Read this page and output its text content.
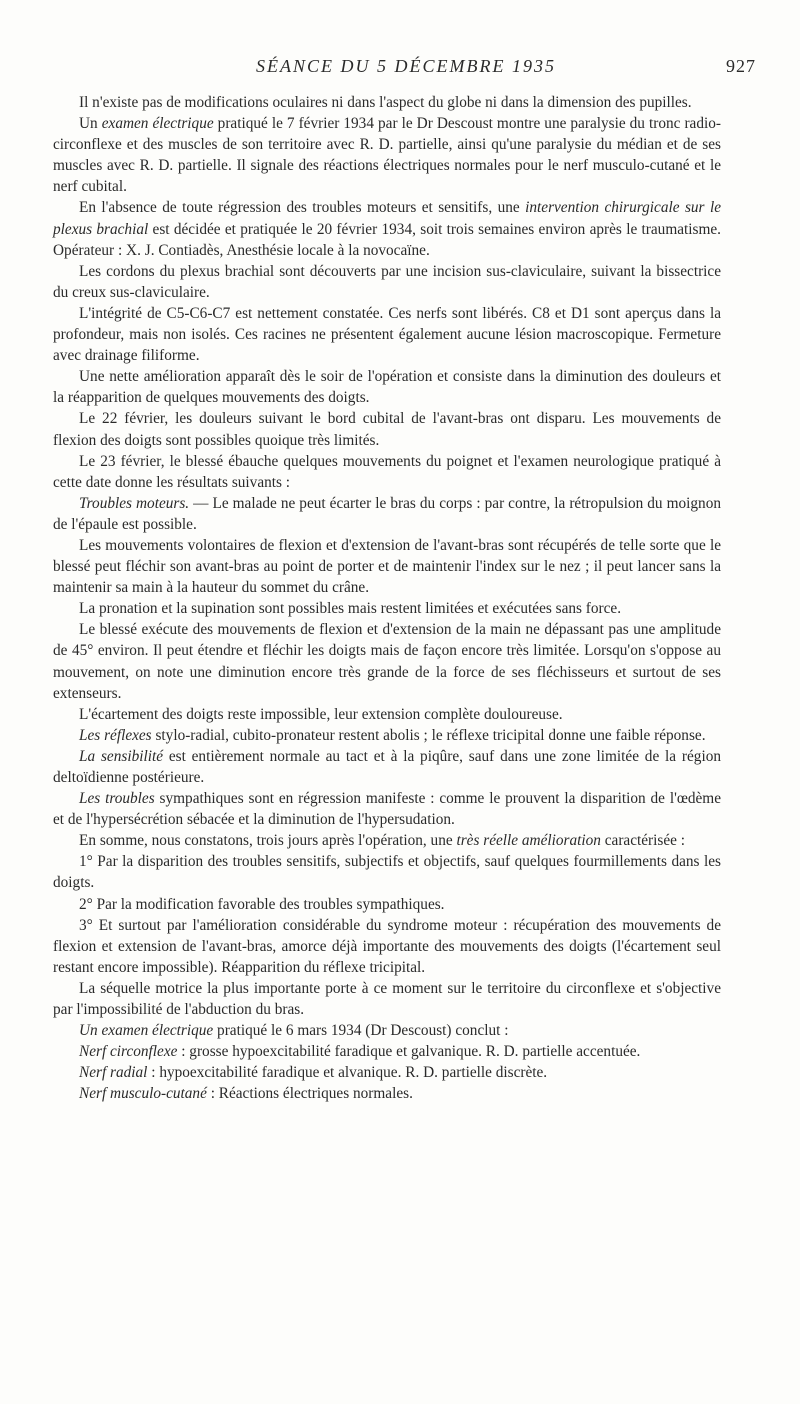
SÉANCE DU 5 DÉCEMBRE 1935	927

Il n'existe pas de modifications oculaires ni dans l'aspect du globe ni dans la dimension des pupilles.

Un examen électrique pratiqué le 7 février 1934 par le Dr Descoust montre une paralysie du tronc radio-circonflexe et des muscles de son territoire avec R. D. partielle, ainsi qu'une paralysie du médian et de ses muscles avec R. D. partielle. Il signale des réactions électriques normales pour le nerf musculo-cutané et le nerf cubital.

En l'absence de toute régression des troubles moteurs et sensitifs, une intervention chirurgicale sur le plexus brachial est décidée et pratiquée le 20 février 1934, soit trois semaines environ après le traumatisme. Opérateur : X. J. Contiadès, Anesthésie locale à la novocaïne.

Les cordons du plexus brachial sont découverts par une incision sus-claviculaire, suivant la bissectrice du creux sus-claviculaire.

L'intégrité de C5-C6-C7 est nettement constatée. Ces nerfs sont libérés. C8 et D1 sont aperçus dans la profondeur, mais non isolés. Ces racines ne présentent également aucune lésion macroscopique. Fermeture avec drainage filiforme.

Une nette amélioration apparaît dès le soir de l'opération et consiste dans la diminution des douleurs et la réapparition de quelques mouvements des doigts.

Le 22 février, les douleurs suivant le bord cubital de l'avant-bras ont disparu. Les mouvements de flexion des doigts sont possibles quoique très limités.

Le 23 février, le blessé ébauche quelques mouvements du poignet et l'examen neurologique pratiqué à cette date donne les résultats suivants :

Troubles moteurs. — Le malade ne peut écarter le bras du corps : par contre, la rétropulsion du moignon de l'épaule est possible.

Les mouvements volontaires de flexion et d'extension de l'avant-bras sont récupérés de telle sorte que le blessé peut fléchir son avant-bras au point de porter et de maintenir l'index sur le nez ; il peut lancer sans la maintenir sa main à la hauteur du sommet du crâne.

La pronation et la supination sont possibles mais restent limitées et exécutées sans force.

Le blessé exécute des mouvements de flexion et d'extension de la main ne dépassant pas une amplitude de 45° environ. Il peut étendre et fléchir les doigts mais de façon encore très limitée. Lorsqu'on s'oppose au mouvement, on note une diminution encore très grande de la force de ses fléchisseurs et surtout de ses extenseurs.

L'écartement des doigts reste impossible, leur extension complète douloureuse.

Les réflexes stylo-radial, cubito-pronateur restent abolis ; le réflexe tricipital donne une faible réponse.

La sensibilité est entièrement normale au tact et à la piqûre, sauf dans une zone limitée de la région deltoïdienne postérieure.

Les troubles sympathiques sont en régression manifeste : comme le prouvent la disparition de l'œdème et de l'hypersécrétion sébacée et la diminution de l'hypersudation.

En somme, nous constatons, trois jours après l'opération, une très réelle amélioration caractérisée :

1° Par la disparition des troubles sensitifs, subjectifs et objectifs, sauf quelques fourmillements dans les doigts.

2° Par la modification favorable des troubles sympathiques.

3° Et surtout par l'amélioration considérable du syndrome moteur : récupération des mouvements de flexion et extension de l'avant-bras, amorce déjà importante des mouvements des doigts (l'écartement seul restant encore impossible). Réapparition du réflexe tricipital.

La séquelle motrice la plus importante porte à ce moment sur le territoire du circonflexe et s'objective par l'impossibilité de l'abduction du bras.

Un examen électrique pratiqué le 6 mars 1934 (Dr Descoust) conclut :

Nerf circonflexe : grosse hypoexcitabilité faradique et galvanique. R. D. partielle accentuée.

Nerf radial : hypoexcitabilité faradique et alvanique. R. D. partielle discrète.

Nerf musculo-cutané : Réactions électriques normales.
